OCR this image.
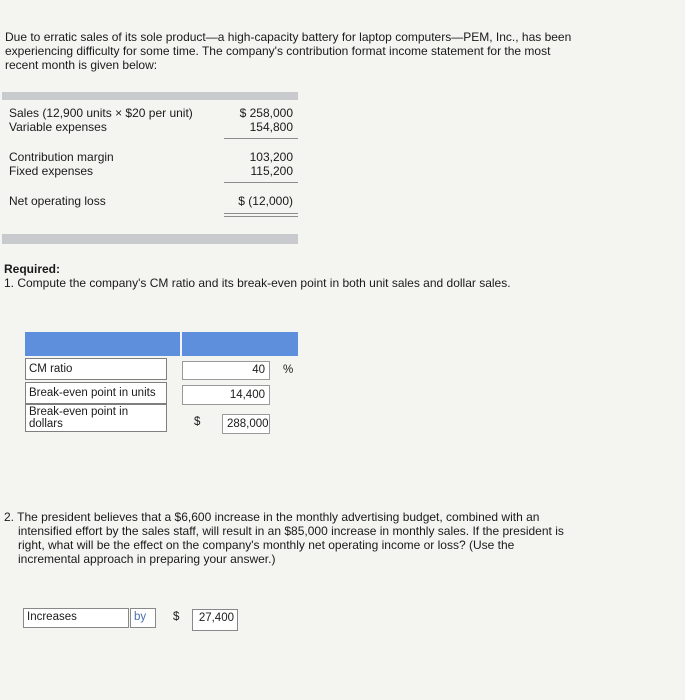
Due to erratic sales of its sole product—a high-capacity battery for laptop computers—PEM, Inc., has been
experiencing difficulty for some time. The company's contribution format income statement for the most
recent month is given below:
Sales (12,900 units × $20 per unit)	$ 258,000
Variable expenses	154,800
Contribution margin	103,200
Fixed expenses	115,200
Net operating loss	$ (12,000)
Required:
1. Compute the company's CM ratio and its break-even point in both unit sales and dollar sales.
CM ratio	40	%
Break-even point in units	14,400
Break-even point in
dollars	$	288,000
2. The president believes that a $6,600 increase in the monthly advertising budget, combined with an
intensified effort by the sales staff, will result in an $85,000 increase in monthly sales. If the president is
right, what will be the effect on the company's monthly net operating income or loss? (Use the
incremental approach in preparing your answer.)
Increases	by	$	27,400
